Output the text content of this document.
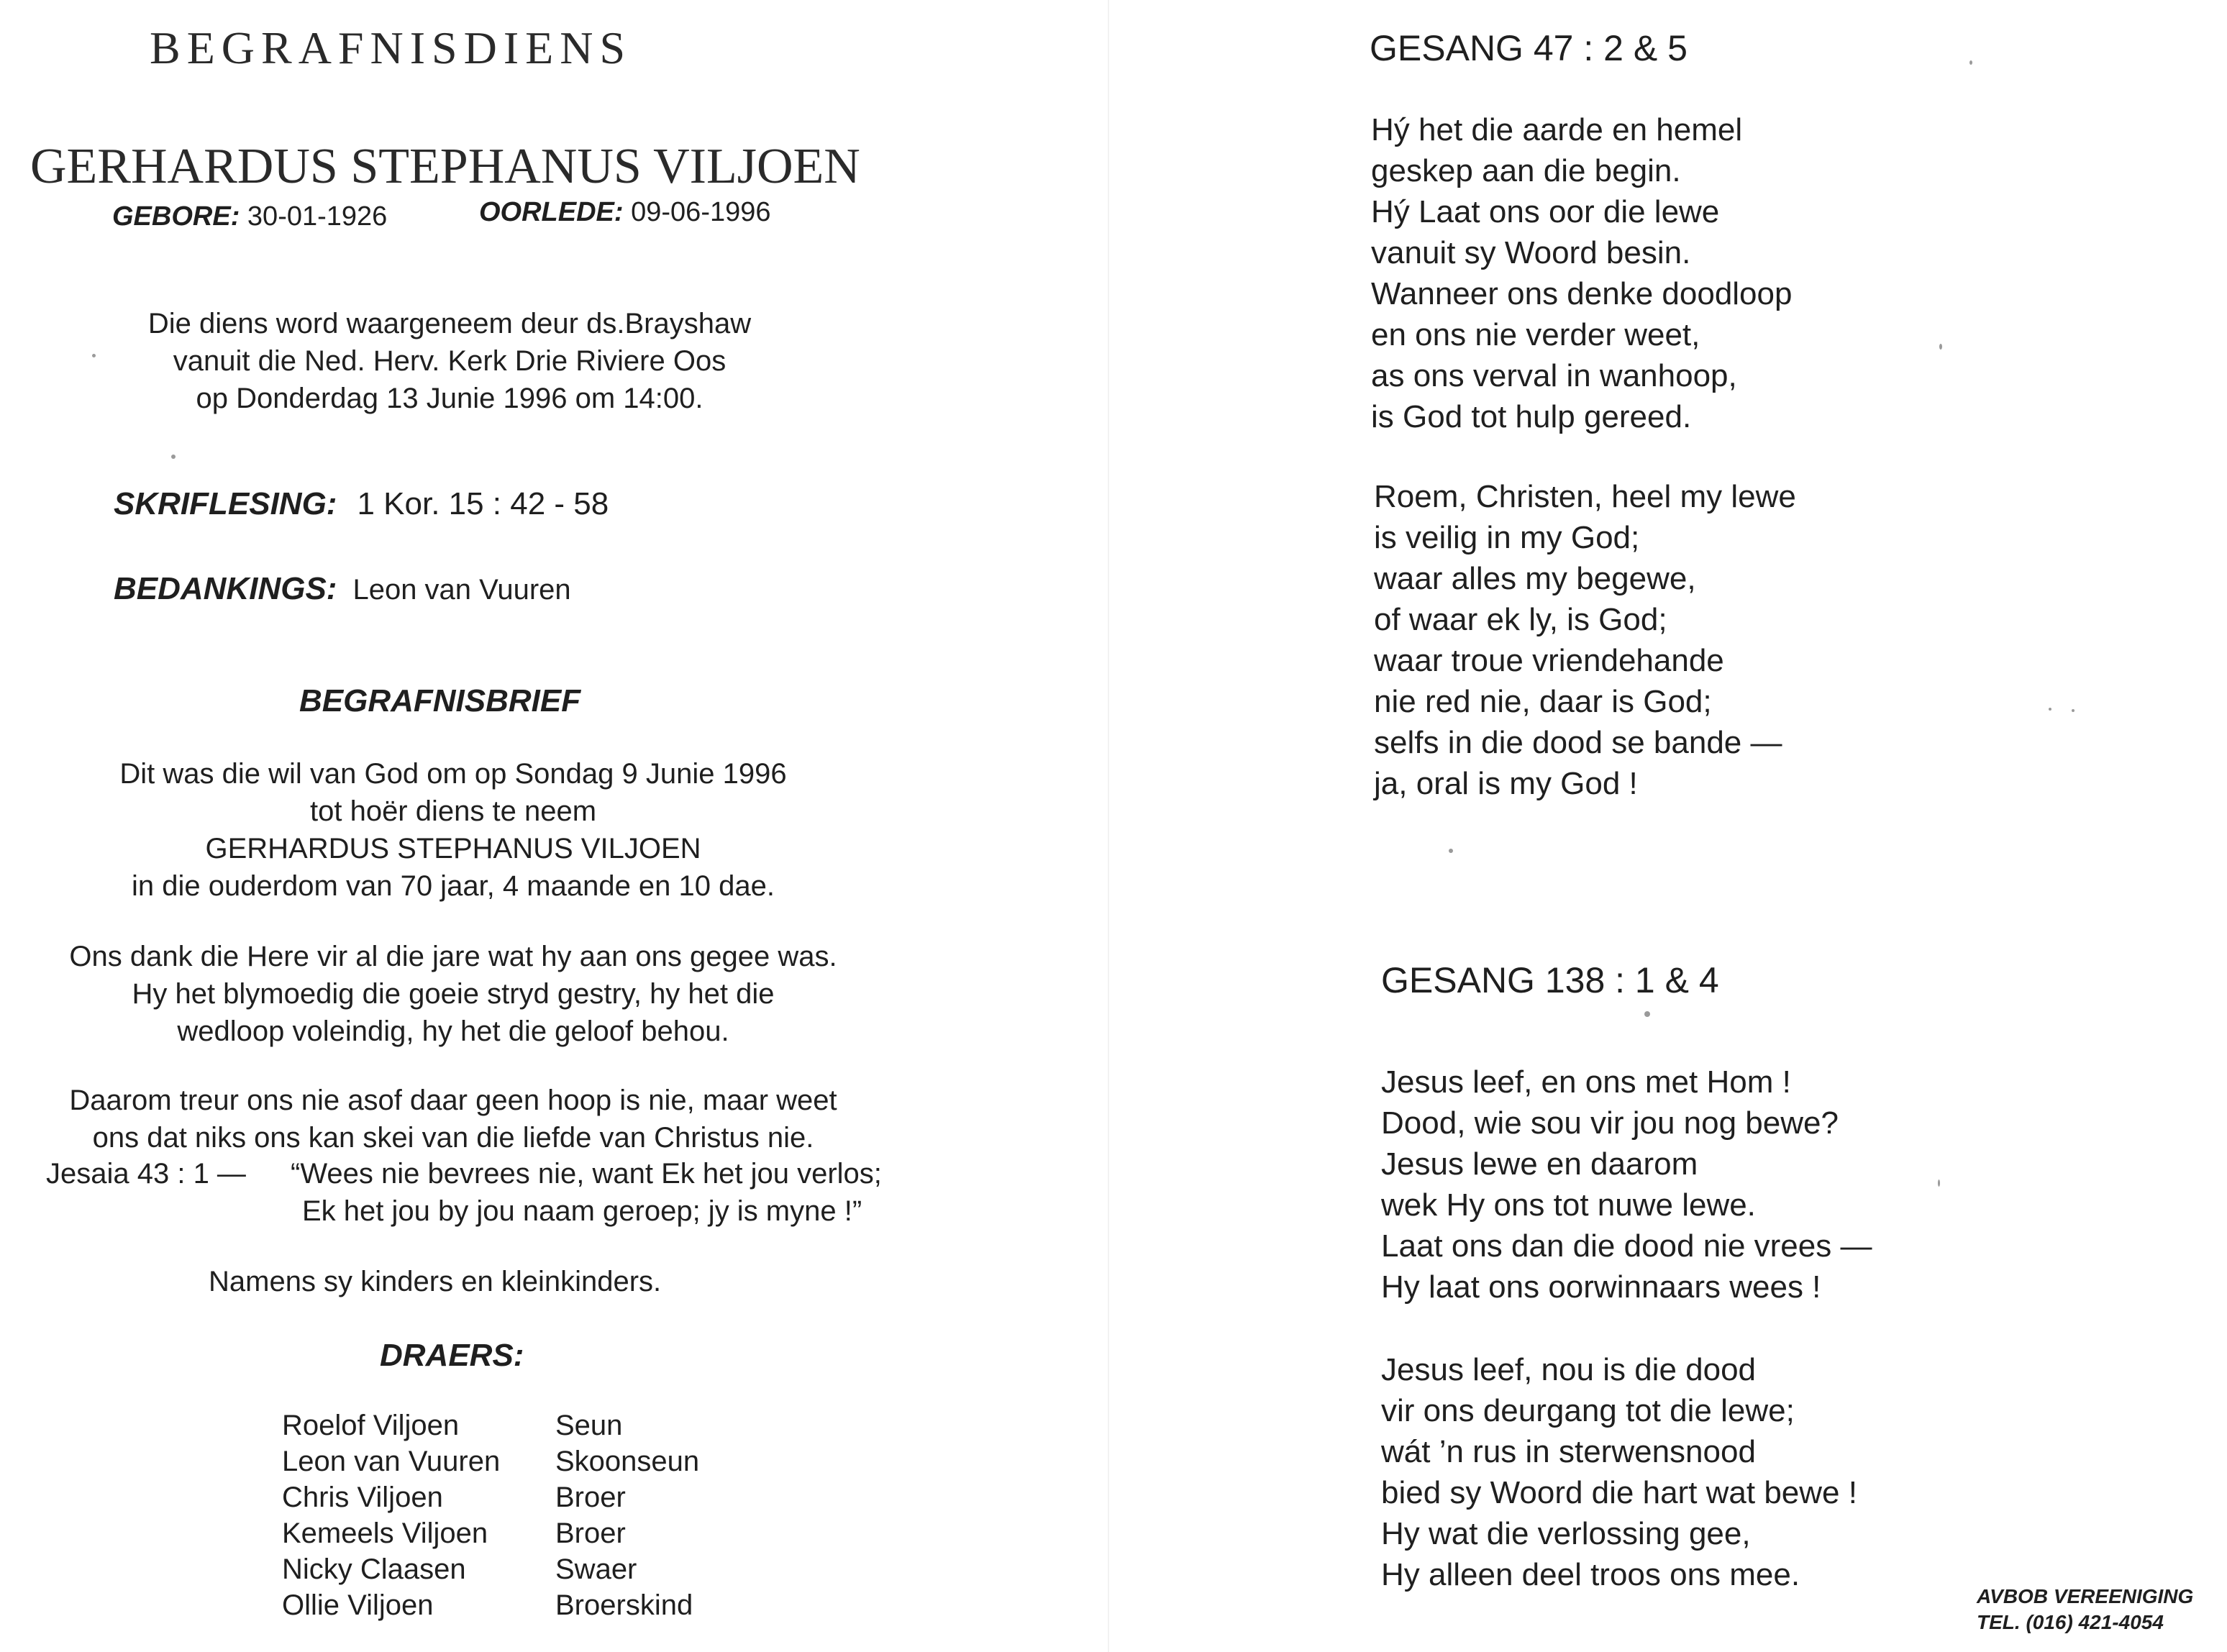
BEGRAFNISDIENS
GERHARDUS STEPHANUS VILJOEN
GEBORE: 30-01-1926	OORLEDE: 09-06-1996
Die diens word waargeneem deur ds.Brayshaw
vanuit die Ned. Herv. Kerk Drie Riviere Oos
op Donderdag 13 Junie 1996 om 14:00.
SKRIFLESING: 1 Kor. 15 : 42 - 58
BEDANKINGS: Leon van Vuuren
BEGRAFNISBRIEF
Dit was die wil van God om op Sondag 9 Junie 1996
tot hoër diens te neem
GERHARDUS STEPHANUS VILJOEN
in die ouderdom van 70 jaar, 4 maande en 10 dae.
Ons dank die Here vir al die jare wat hy aan ons gegee was.
Hy het blymoedig die goeie stryd gestry, hy het die
wedloop voleindig, hy het die geloof behou.
Daarom treur ons nie asof daar geen hoop is nie, maar weet
ons dat niks ons kan skei van die liefde van Christus nie.
Jesaia 43 : 1 — “Wees nie bevrees nie, want Ek het jou verlos;
Ek het jou by jou naam geroep; jy is myne !”
Namens sy kinders en kleinkinders.
DRAERS:
Roelof Viljoen	Seun
Leon van Vuuren	Skoonseun
Chris Viljoen	Broer
Kemeels Viljoen	Broer
Nicky Claasen	Swaer
Ollie Viljoen	Broerskind
GESANG 47 : 2 & 5
Hý het die aarde en hemel
geskep aan die begin.
Hý Laat ons oor die lewe
vanuit sy Woord besin.
Wanneer ons denke doodloop
en ons nie verder weet,
as ons verval in wanhoop,
is God tot hulp gereed.
Roem, Christen, heel my lewe
is veilig in my God;
waar alles my begewe,
of waar ek ly, is God;
waar troue vriendehande
nie red nie, daar is God;
selfs in die dood se bande —
ja, oral is my God !
GESANG 138 : 1 & 4
Jesus leef, en ons met Hom !
Dood, wie sou vir jou nog bewe?
Jesus lewe en daarom
wek Hy ons tot nuwe lewe.
Laat ons dan die dood nie vrees —
Hy laat ons oorwinnaars wees !
Jesus leef, nou is die dood
vir ons deurgang tot die lewe;
wát ’n rus in sterwensnood
bied sy Woord die hart wat bewe !
Hy wat die verlossing gee,
Hy alleen deel troos ons mee.
AVBOB VEREENIGING
TEL. (016) 421-4054
